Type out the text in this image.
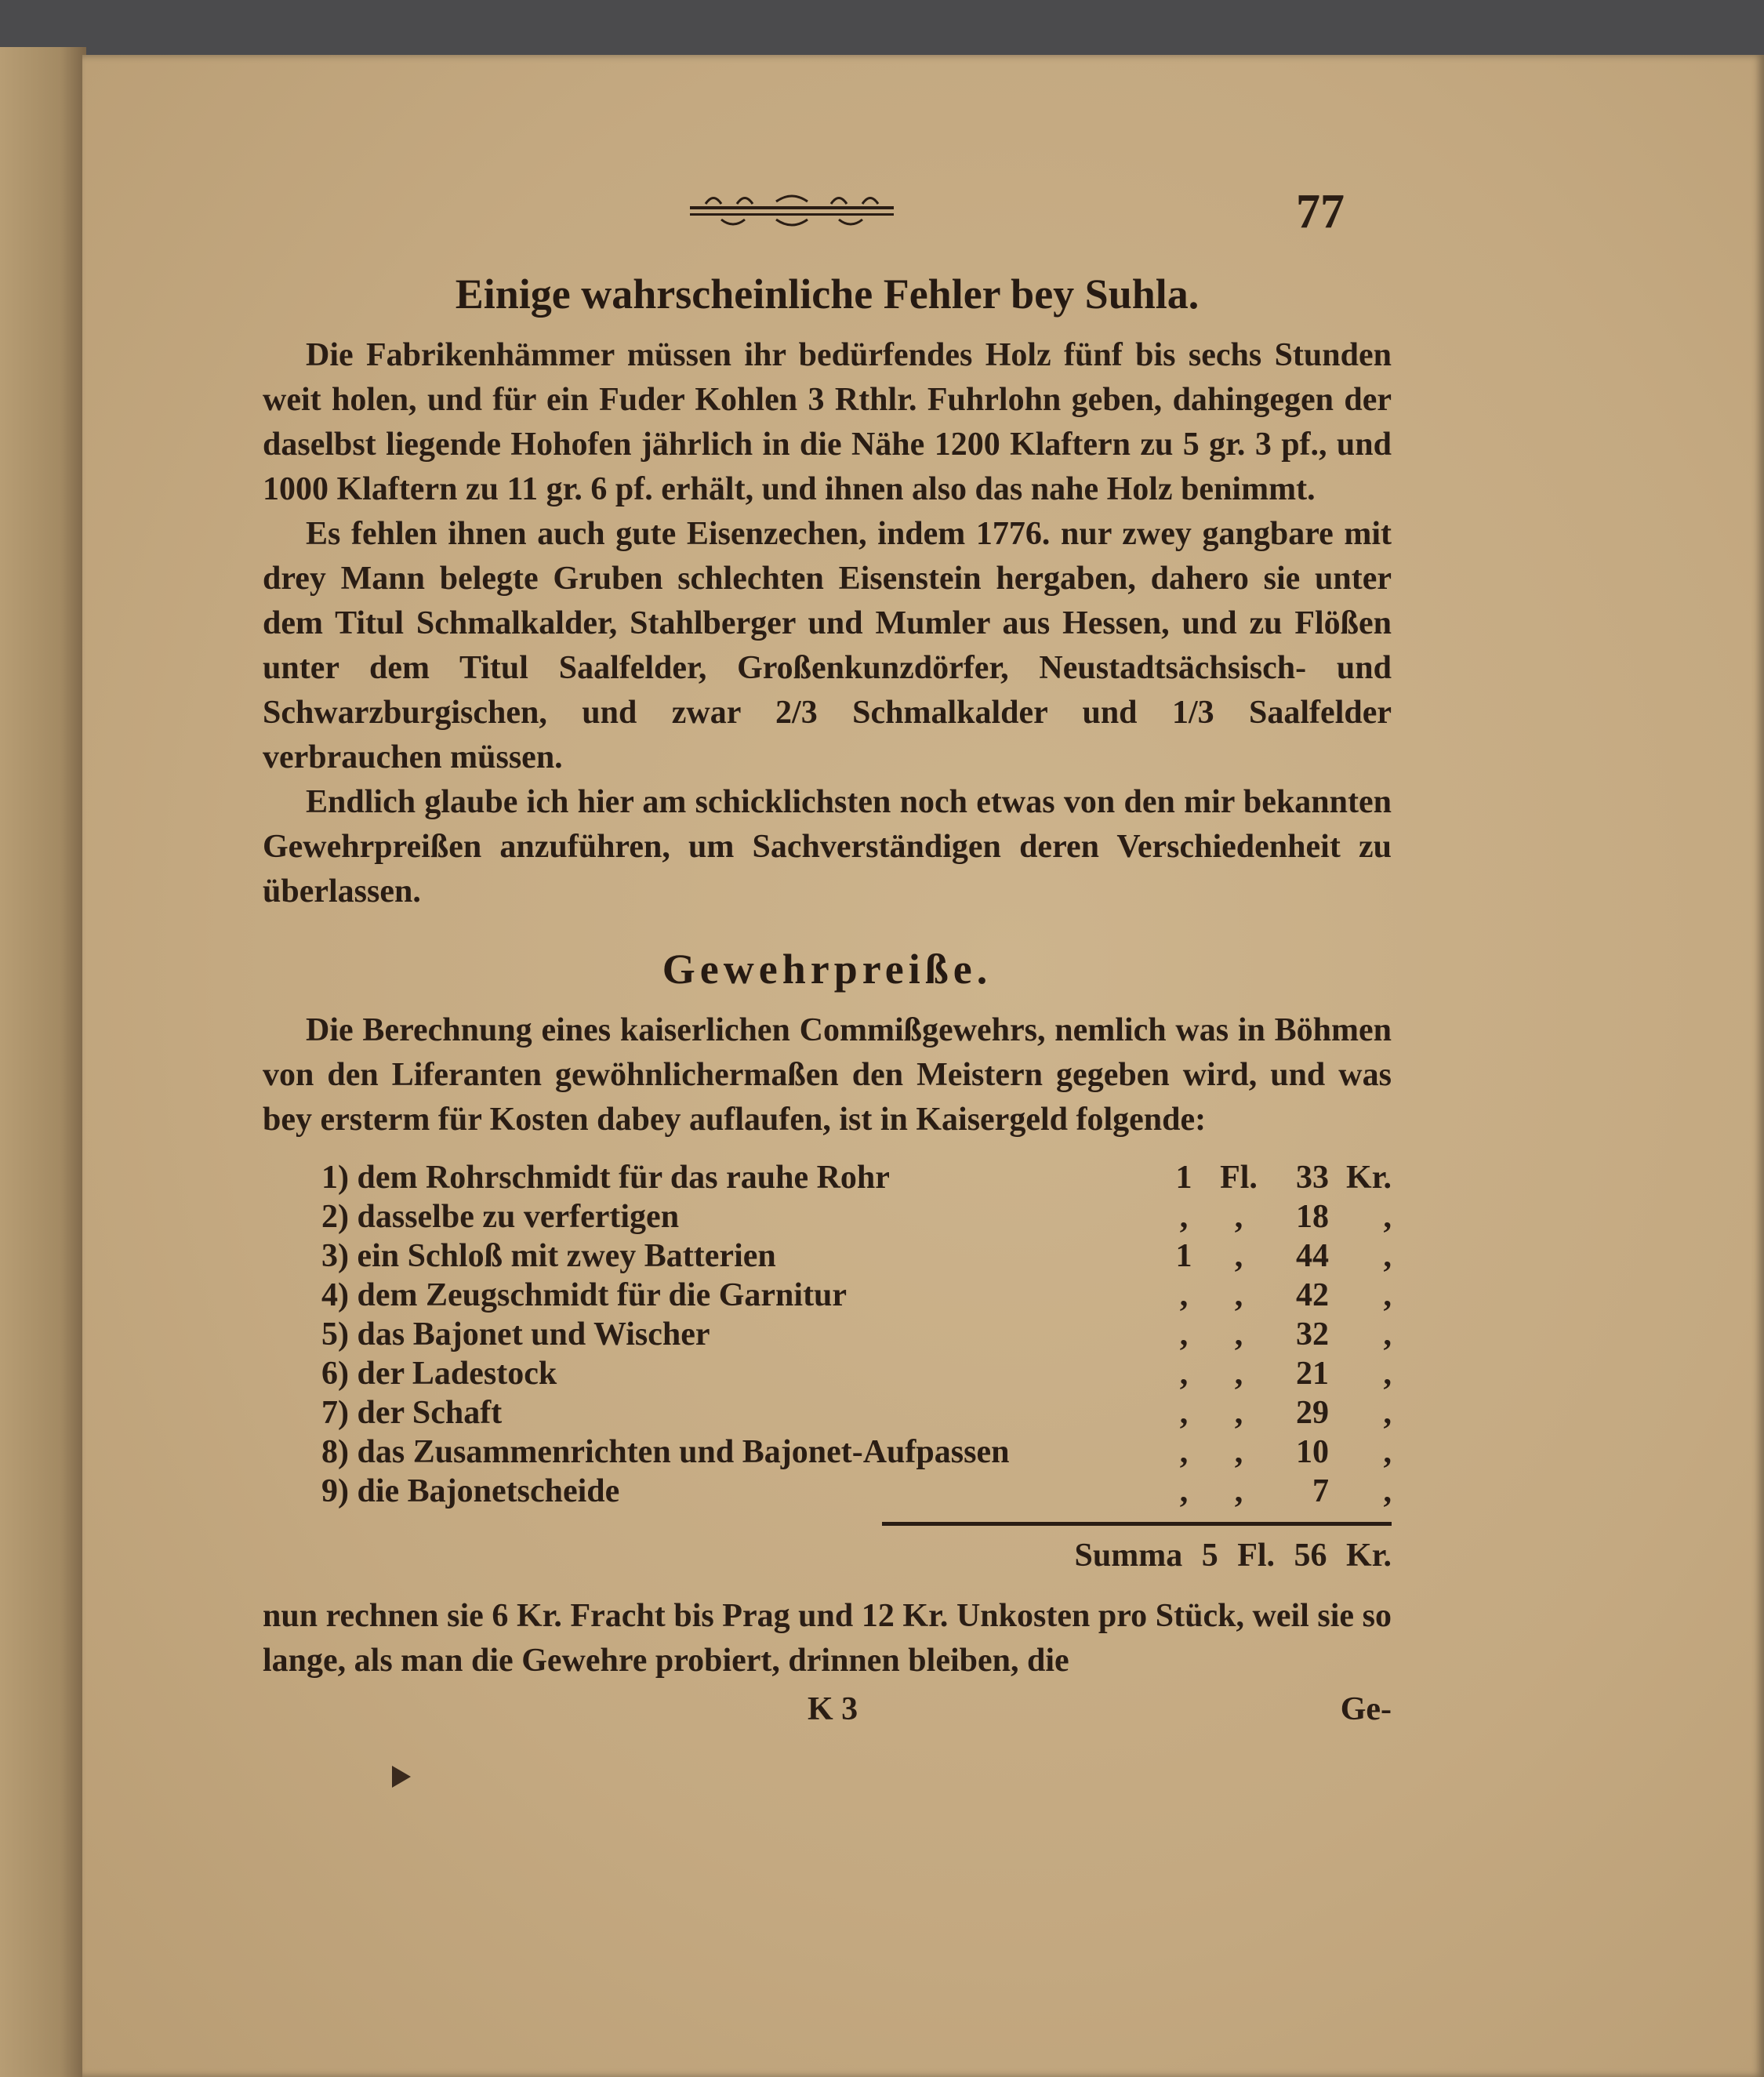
77
Einige wahrscheinliche Fehler bey Suhla.

Die Fabrikenhämmer müssen ihr bedürfendes Holz fünf bis sechs Stunden weit holen, und für ein Fuder Kohlen 3 Rthlr. Fuhrlohn geben, dahingegen der daselbst liegende Hohofen jährlich in die Nähe 1200 Klaftern zu 5 gr. 3 pf., und 1000 Klaftern zu 11 gr. 6 pf. erhält, und ihnen also das nahe Holz benimmt.

Es fehlen ihnen auch gute Eisenzechen, indem 1776. nur zwey gangbare mit drey Mann belegte Gruben schlechten Eisenstein hergaben, dahero sie unter dem Titul Schmalkalder, Stahlberger und Mumler aus Hessen, und zu Flößen unter dem Titul Saalfelder, Großenkunzdörfer, Neustadtsächsisch- und Schwarzburgischen, und zwar 2/3 Schmalkalder und 1/3 Saalfelder verbrauchen müssen.

Endlich glaube ich hier am schicklichsten noch etwas von den mir bekannten Gewehrpreißen anzuführen, um Sachverständigen deren Verschiedenheit zu überlassen.

Gewehrpreiße.

Die Berechnung eines kaiserlichen Commißgewehrs, nemlich was in Böhmen von den Liferanten gewöhnlichermaßen den Meistern gegeben wird, und was bey ersterm für Kosten dabey auflaufen, ist in Kaisergeld folgende:

1) dem Rohrschmidt für das rauhe Rohr	1 Fl.	33 Kr.
2) dasselbe zu verfertigen	,	,	18	,
3) ein Schloß mit zwey Batterien	1	,	44	,
4) dem Zeugschmidt für die Garnitur	,	,	42	,
5) das Bajonet und Wischer	,	,	32	,
6) der Ladestock	,	,	21	,
7) der Schaft	,	,	29	,
8) das Zusammenrichten und Bajonet-Aufpassen	,	,	10	,
9) die Bajonetscheide	,	,	7	,
Summa 5 Fl. 56 Kr.

nun rechnen sie 6 Kr. Fracht bis Prag und 12 Kr. Unkosten pro Stück, weil sie so lange, als man die Gewehre probiert, drinnen bleiben, die

K 3	Ge-
